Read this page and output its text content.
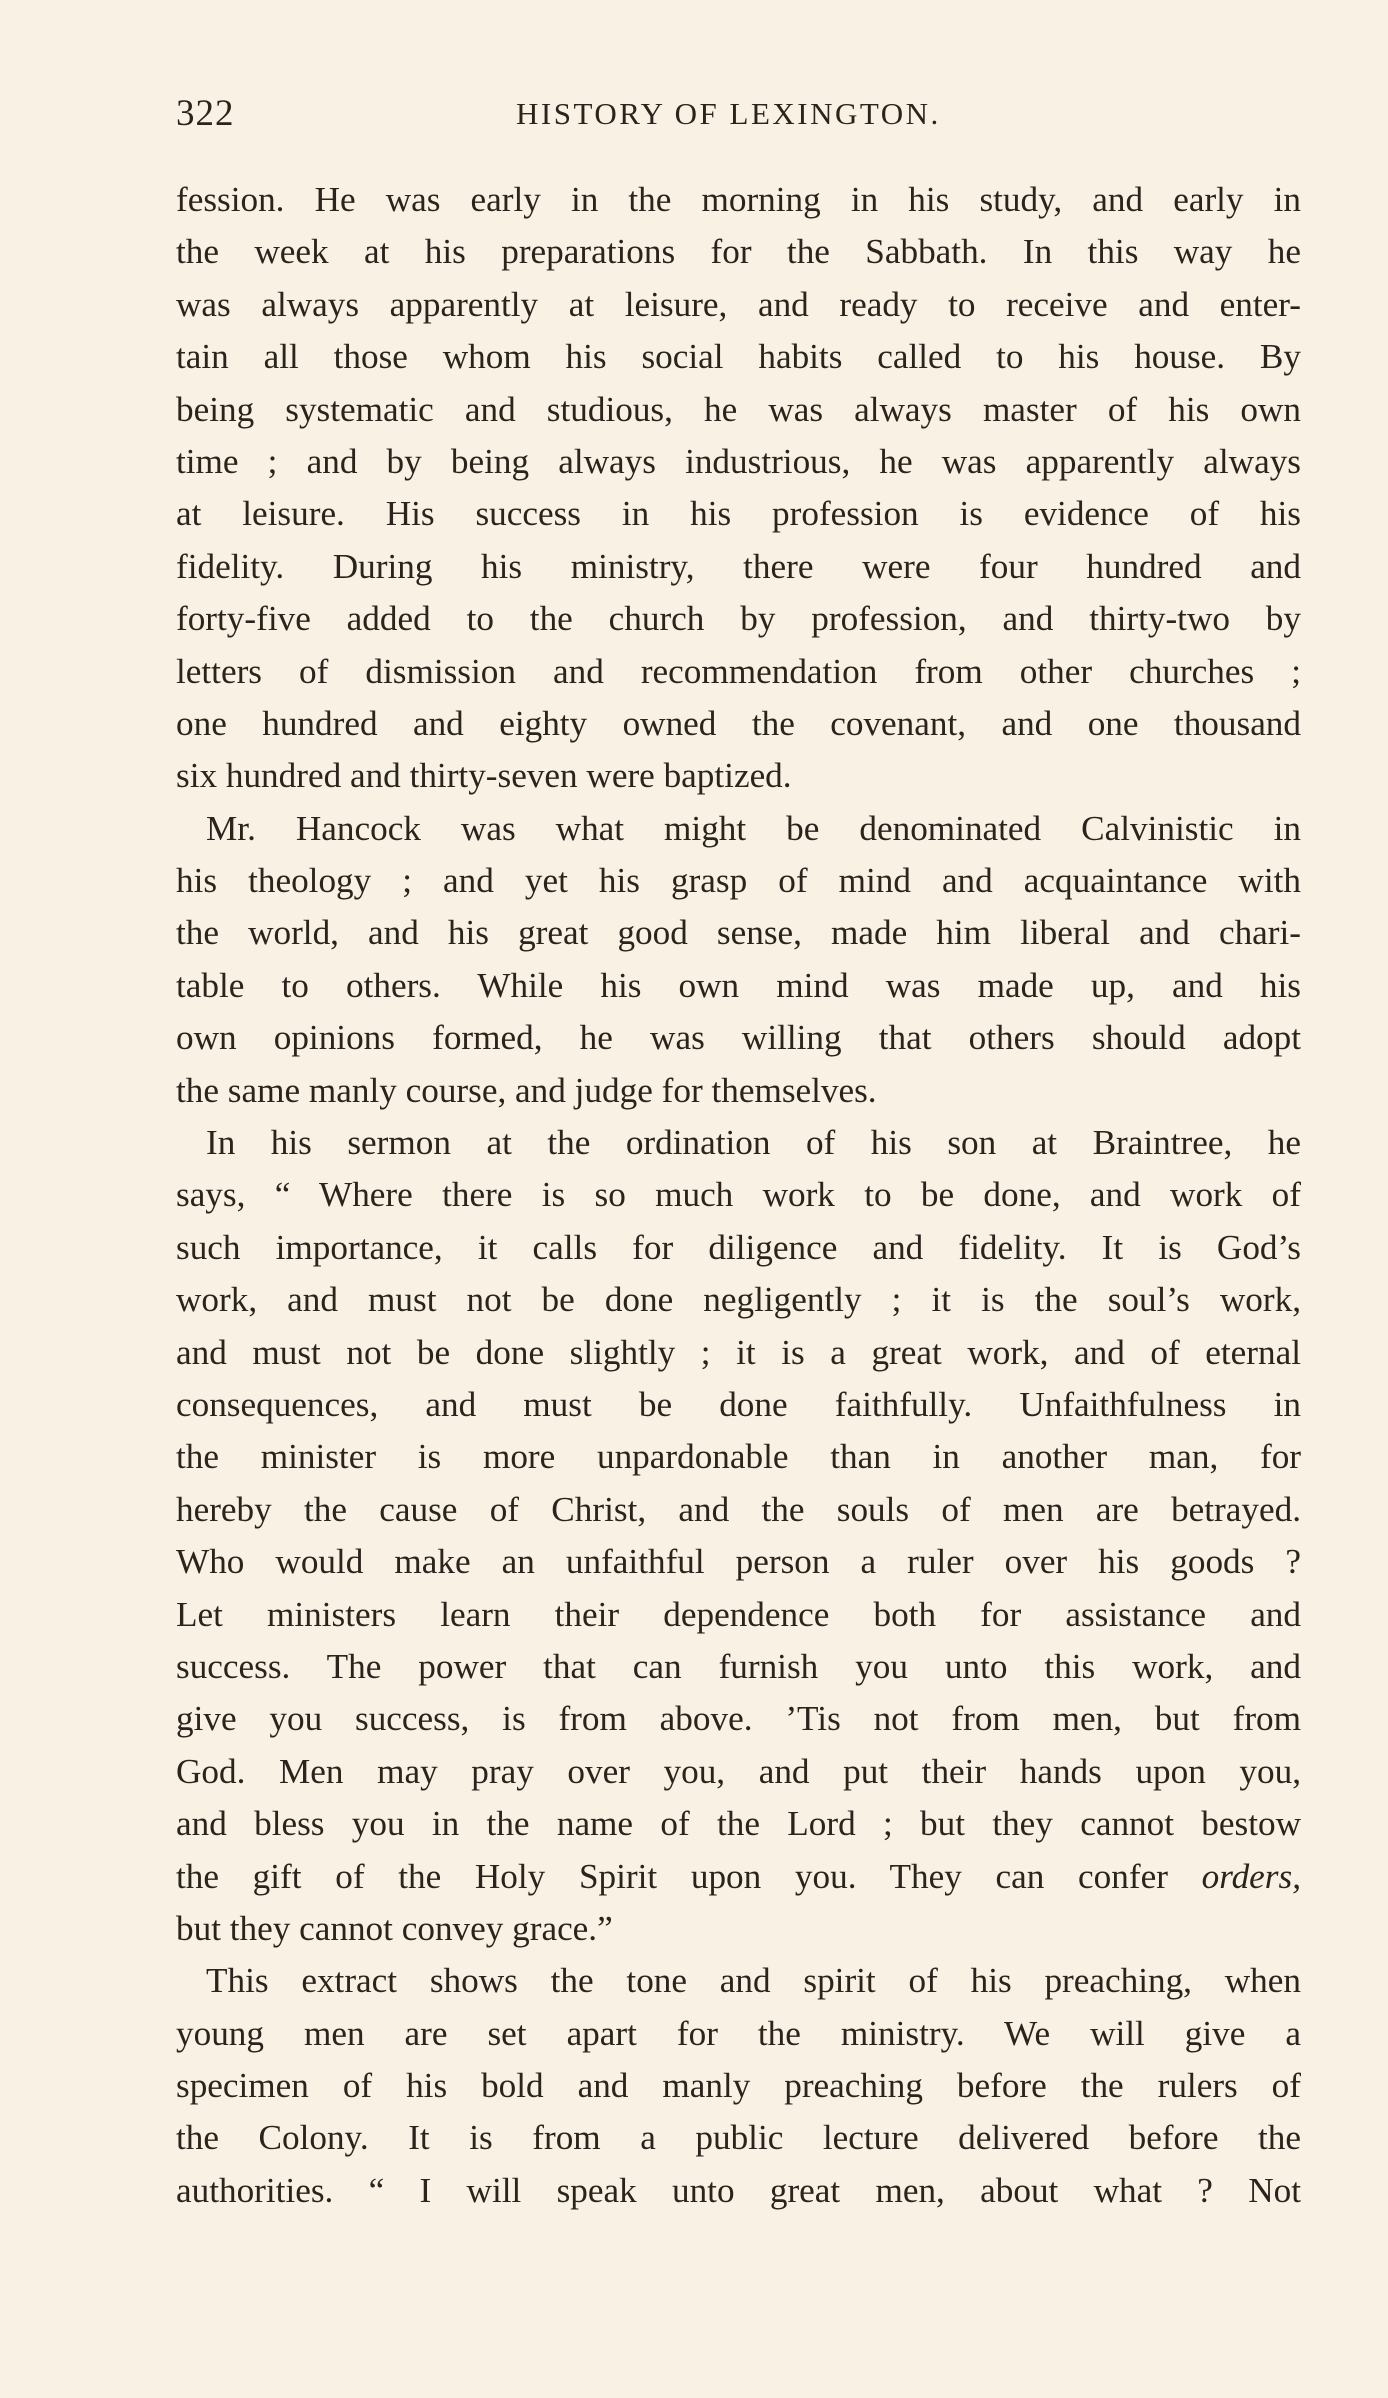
322	HISTORY OF LEXINGTON.
fession. He was early in the morning in his study, and early in
the week at his preparations for the Sabbath. In this way he
was always apparently at leisure, and ready to receive and enter-
tain all those whom his social habits called to his house. By
being systematic and studious, he was always master of his own
time ; and by being always industrious, he was apparently always
at leisure. His success in his profession is evidence of his
fidelity. During his ministry, there were four hundred and
forty-five added to the church by profession, and thirty-two by
letters of dismission and recommendation from other churches ;
one hundred and eighty owned the covenant, and one thousand
six hundred and thirty-seven were baptized.
Mr. Hancock was what might be denominated Calvinistic in
his theology ; and yet his grasp of mind and acquaintance with
the world, and his great good sense, made him liberal and chari-
table to others. While his own mind was made up, and his
own opinions formed, he was willing that others should adopt
the same manly course, and judge for themselves.
In his sermon at the ordination of his son at Braintree, he
says, “ Where there is so much work to be done, and work of
such importance, it calls for diligence and fidelity. It is God’s
work, and must not be done negligently ; it is the soul’s work,
and must not be done slightly ; it is a great work, and of eternal
consequences, and must be done faithfully. Unfaithfulness in
the minister is more unpardonable than in another man, for
hereby the cause of Christ, and the souls of men are betrayed.
Who would make an unfaithful person a ruler over his goods ?
Let ministers learn their dependence both for assistance and
success. The power that can furnish you unto this work, and
give you success, is from above. ’Tis not from men, but from
God. Men may pray over you, and put their hands upon you,
and bless you in the name of the Lord ; but they cannot bestow
the gift of the Holy Spirit upon you. They can confer orders,
but they cannot convey grace.”
This extract shows the tone and spirit of his preaching, when
young men are set apart for the ministry. We will give a
specimen of his bold and manly preaching before the rulers of
the Colony. It is from a public lecture delivered before the
authorities. “ I will speak unto great men, about what ? Not
